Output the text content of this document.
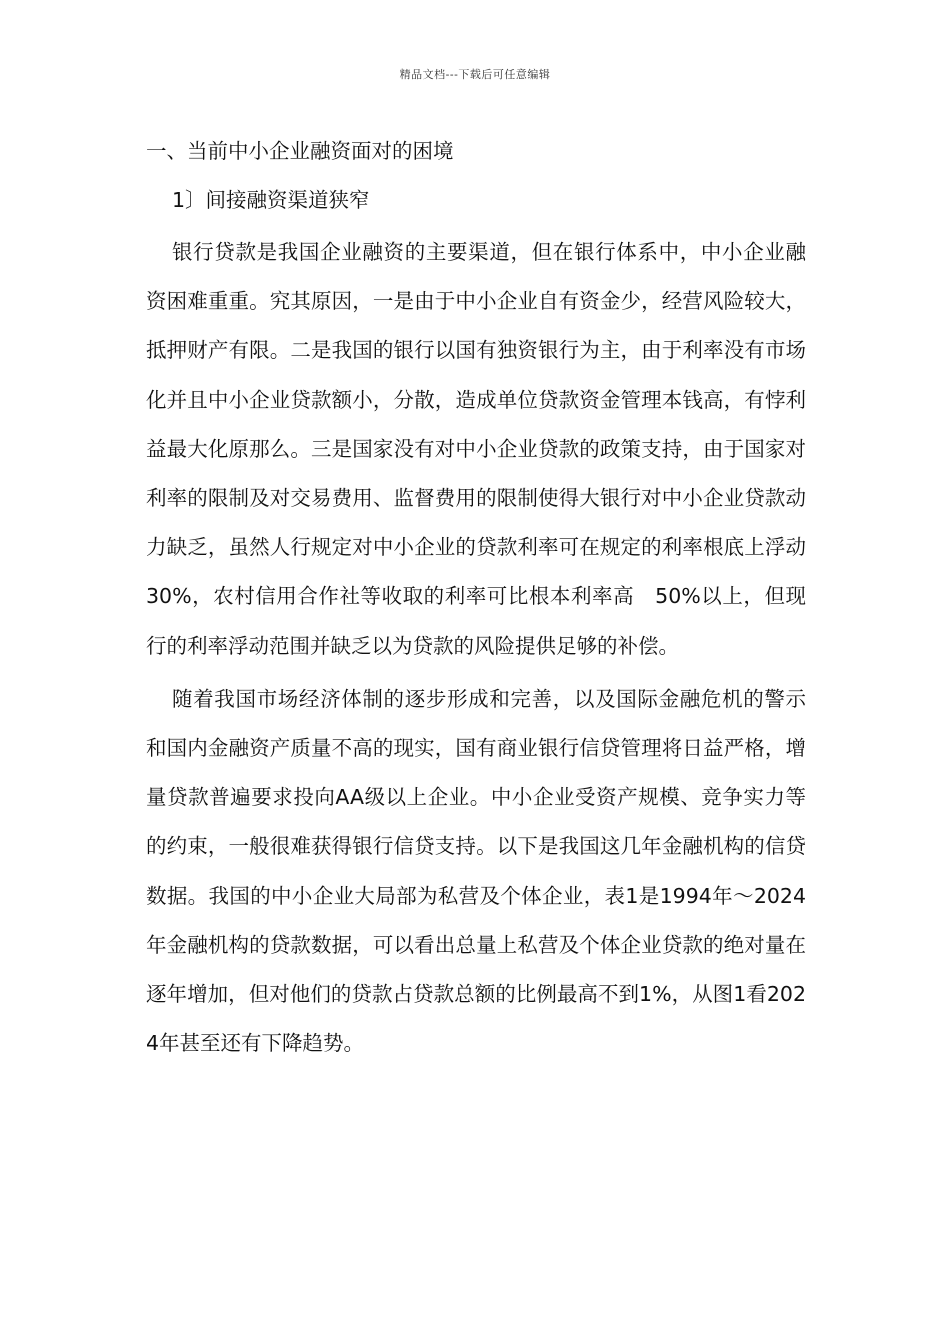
精品文档---下载后可任意编辑
一、当前中小企业融资面对的困境
1〕间接融资渠道狭窄

银行贷款是我国企业融资的主要渠道，但在银行体系中，中小企业融资困难重重。究其原因，一是由于中小企业自有资金少，经营风险较大，抵押财产有限。二是我国的银行以国有独资银行为主，由于利率没有市场化并且中小企业贷款额小，分散，造成单位贷款资金管理本钱高，有悖利益最大化原那么。三是国家没有对中小企业贷款的政策支持，由于国家对利率的限制及对交易费用、监督费用的限制使得大银行对中小企业贷款动力缺乏，虽然人行规定对中小企业的贷款利率可在规定的利率根底上浮动30%，农村信用合作社等收取的利率可比根本利率高　50%以上，但现行的利率浮动范围并缺乏以为贷款的风险提供足够的补偿。

随着我国市场经济体制的逐步形成和完善，以及国际金融危机的警示和国内金融资产质量不高的现实，国有商业银行信贷管理将日益严格，增量贷款普遍要求投向AA级以上企业。中小企业受资产规模、竞争实力等的约束，一般很难获得银行信贷支持。以下是我国这几年金融机构的信贷数据。我国的中小企业大局部为私营及个体企业，表1是1994年～2024年金融机构的贷款数据，可以看出总量上私营及个体企业贷款的绝对量在逐年增加，但对他们的贷款占贷款总额的比例最高不到1%，从图1看2024年甚至还有下降趋势。
